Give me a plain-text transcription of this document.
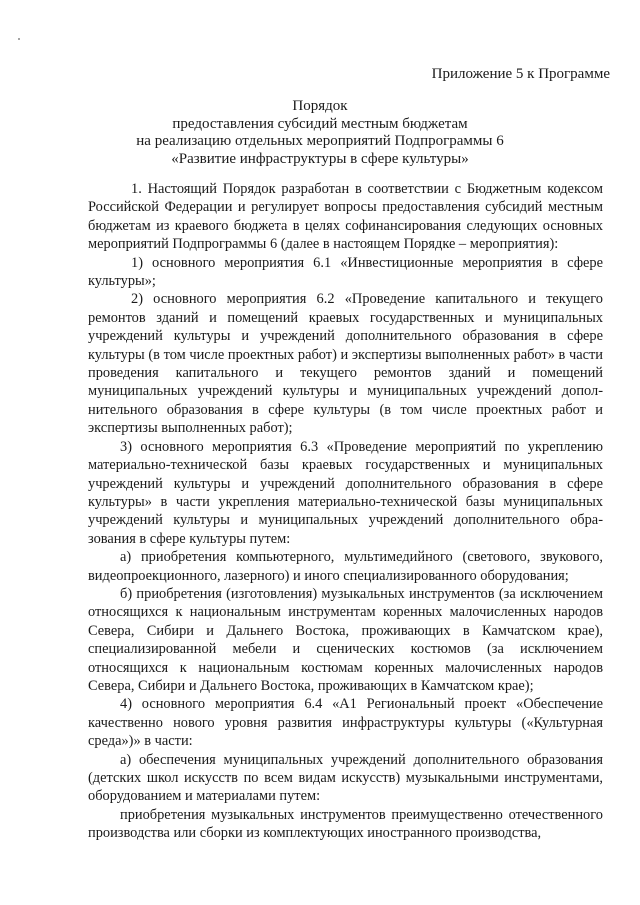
Приложение 5 к Программе
Порядок
предоставления субсидий местным бюджетам
на реализацию отдельных мероприятий Подпрограммы 6
«Развитие инфраструктуры в сфере культуры»

1. Настоящий Порядок разработан в соответствии с Бюджетным кодексом Российской Федерации и регулирует вопросы предоставления субсидий местным бюджетам из краевого бюджета в целях софинансирования следующих основных мероприятий Подпрограммы 6 (далее в настоящем Порядке – мероприятия):

1) основного мероприятия 6.1 «Инвестиционные мероприятия в сфере культуры»;

2) основного мероприятия 6.2 «Проведение капитального и текущего ремонтов зданий и помещений краевых государственных и муниципальных учреждений культуры и учреждений дополнительного образования в сфере культуры (в том числе проектных работ) и экспертизы выполненных работ» в части проведения капитального и текущего ремонтов зданий и помещений муниципальных учреждений культуры и муниципальных учреждений дополнительного образования в сфере культуры (в том числе проектных работ и экспертизы выполненных работ);

3) основного мероприятия 6.3 «Проведение мероприятий по укреплению материально-технической базы краевых государственных и муниципальных учреждений культуры и учреждений дополнительного образования в сфере культуры» в части укрепления материально-технической базы муниципальных учреждений культуры и муниципальных учреждений дополнительного образования в сфере культуры путем:

а) приобретения компьютерного, мультимедийного (светового, звукового, видеопроекционного, лазерного) и иного специализированного оборудования;

б) приобретения (изготовления) музыкальных инструментов (за исключением относящихся к национальным инструментам коренных малочисленных народов Севера, Сибири и Дальнего Востока, проживающих в Камчатском крае), специализированной мебели и сценических костюмов (за исключением относящихся к национальным костюмам коренных малочисленных народов Севера, Сибири и Дальнего Востока, проживающих в Камчатском крае);

4) основного мероприятия 6.4 «А1 Региональный проект «Обеспечение качественно нового уровня развития инфраструктуры культуры («Культурная среда»)» в части:

а) обеспечения муниципальных учреждений дополнительного образования (детских школ искусств по всем видам искусств) музыкальными инструментами, оборудованием и материалами путем:

приобретения музыкальных инструментов преимущественно отечественного производства или сборки из комплектующих иностранного производства,
